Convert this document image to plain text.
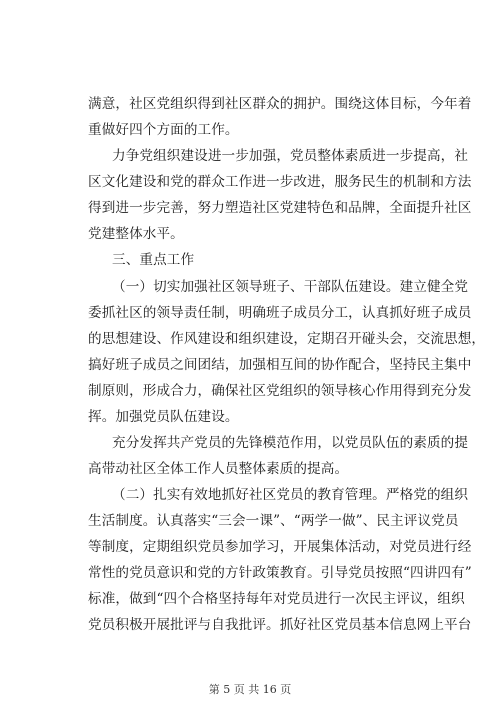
满意，社区党组织得到社区群众的拥护。围绕这体目标，今年着
重做好四个方面的工作。
力争党组织建设进一步加强，党员整体素质进一步提高，社
区文化建设和党的群众工作进一步改进，服务民生的机制和方法
得到进一步完善，努力塑造社区党建特色和品牌，全面提升社区
党建整体水平。
三、重点工作
（一）切实加强社区领导班子、干部队伍建设。建立健全党
委抓社区的领导责任制，明确班子成员分工，认真抓好班子成员
的思想建设、作风建设和组织建设，定期召开碰头会，交流思想，
搞好班子成员之间团结，加强相互间的协作配合，坚持民主集中
制原则，形成合力，确保社区党组织的领导核心作用得到充分发
挥。加强党员队伍建设。
充分发挥共产党员的先锋模范作用，以党员队伍的素质的提
高带动社区全体工作人员整体素质的提高。
（二）扎实有效地抓好社区党员的教育管理。严格党的组织
生活制度。认真落实“三会一课”、“两学一做”、民主评议党员
等制度，定期组织党员参加学习，开展集体活动，对党员进行经
常性的党员意识和党的方针政策教育。引导党员按照“四讲四有”
标准，做到“四个合格坚持每年对党员进行一次民主评议，组织
党员积极开展批评与自我批评。抓好社区党员基本信息网上平台
第 5 页 共 16 页
